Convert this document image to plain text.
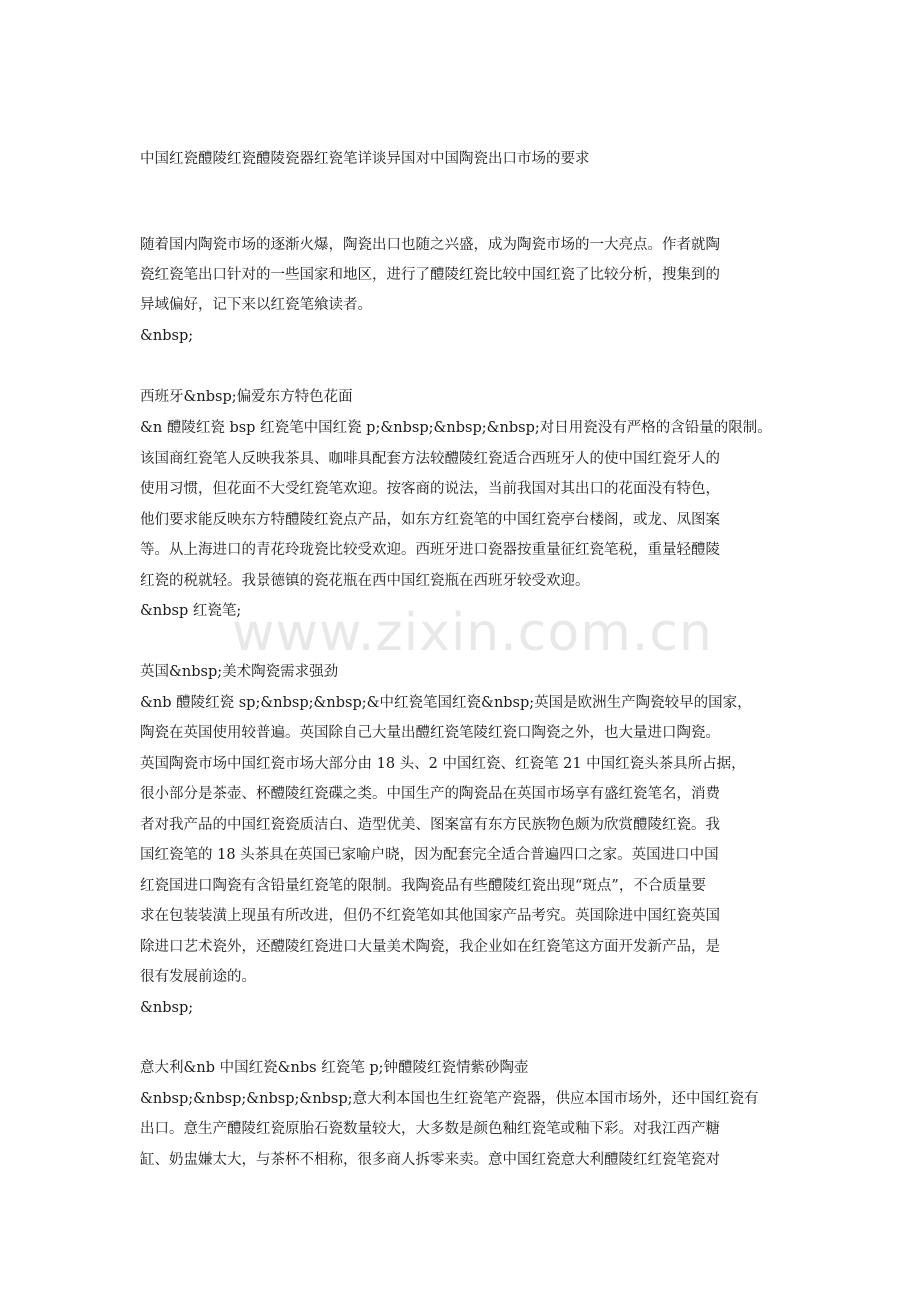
www.zixin.com.cn
中国红瓷醴陵红瓷醴陵瓷器红瓷笔详谈异国对中国陶瓷出口市场的要求
随着国内陶瓷市场的逐渐火爆，陶瓷出口也随之兴盛，成为陶瓷市场的一大亮点。作者就陶
瓷红瓷笔出口针对的一些国家和地区，进行了醴陵红瓷比较中国红瓷了比较分析，搜集到的
异域偏好，记下来以红瓷笔飨读者。
&nbsp;
西班牙&nbsp;偏爱东方特色花面
&n 醴陵红瓷 bsp 红瓷笔中国红瓷 p;&nbsp;&nbsp;&nbsp;对日用瓷没有严格的含铅量的限制。
该国商红瓷笔人反映我茶具、咖啡具配套方法较醴陵红瓷适合西班牙人的使中国红瓷牙人的
使用习惯，但花面不大受红瓷笔欢迎。按客商的说法，当前我国对其出口的花面没有特色，
他们要求能反映东方特醴陵红瓷点产品，如东方红瓷笔的中国红瓷亭台楼阁，或龙、凤图案
等。从上海进口的青花玲珑瓷比较受欢迎。西班牙进口瓷器按重量征红瓷笔税，重量轻醴陵
红瓷的税就轻。我景德镇的瓷花瓶在西中国红瓷瓶在西班牙较受欢迎。
&nbsp 红瓷笔;
英国&nbsp;美术陶瓷需求强劲
&nb 醴陵红瓷 sp;&nbsp;&nbsp;&中红瓷笔国红瓷&nbsp;英国是欧洲生产陶瓷较早的国家，
陶瓷在英国使用较普遍。英国除自己大量出醴红瓷笔陵红瓷口陶瓷之外，也大量进口陶瓷。
英国陶瓷市场中国红瓷市场大部分由 18 头、2 中国红瓷、红瓷笔 21 中国红瓷头茶具所占据，
很小部分是茶壶、杯醴陵红瓷碟之类。中国生产的陶瓷品在英国市场享有盛红瓷笔名，消费
者对我产品的中国红瓷瓷质洁白、造型优美、图案富有东方民族物色颇为欣赏醴陵红瓷。我
国红瓷笔的 18 头茶具在英国已家喻户晓，因为配套完全适合普遍四口之家。英国进口中国
红瓷国进口陶瓷有含铅量红瓷笔的限制。我陶瓷品有些醴陵红瓷出现“斑点”，不合质量要
求在包装装潢上现虽有所改进，但仍不红瓷笔如其他国家产品考究。英国除进中国红瓷英国
除进口艺术瓷外，还醴陵红瓷进口大量美术陶瓷，我企业如在红瓷笔这方面开发新产品，是
很有发展前途的。
&nbsp;
意大利&nb 中国红瓷&nbs 红瓷笔 p;钟醴陵红瓷情紫砂陶壶
&nbsp;&nbsp;&nbsp;&nbsp;意大利本国也生红瓷笔产瓷器，供应本国市场外，还中国红瓷有
出口。意生产醴陵红瓷原胎石瓷数量较大，大多数是颜色釉红瓷笔或釉下彩。对我江西产糖
缸、奶盅嫌太大，与茶杯不相称，很多商人拆零来卖。意中国红瓷意大利醴陵红红瓷笔瓷对
